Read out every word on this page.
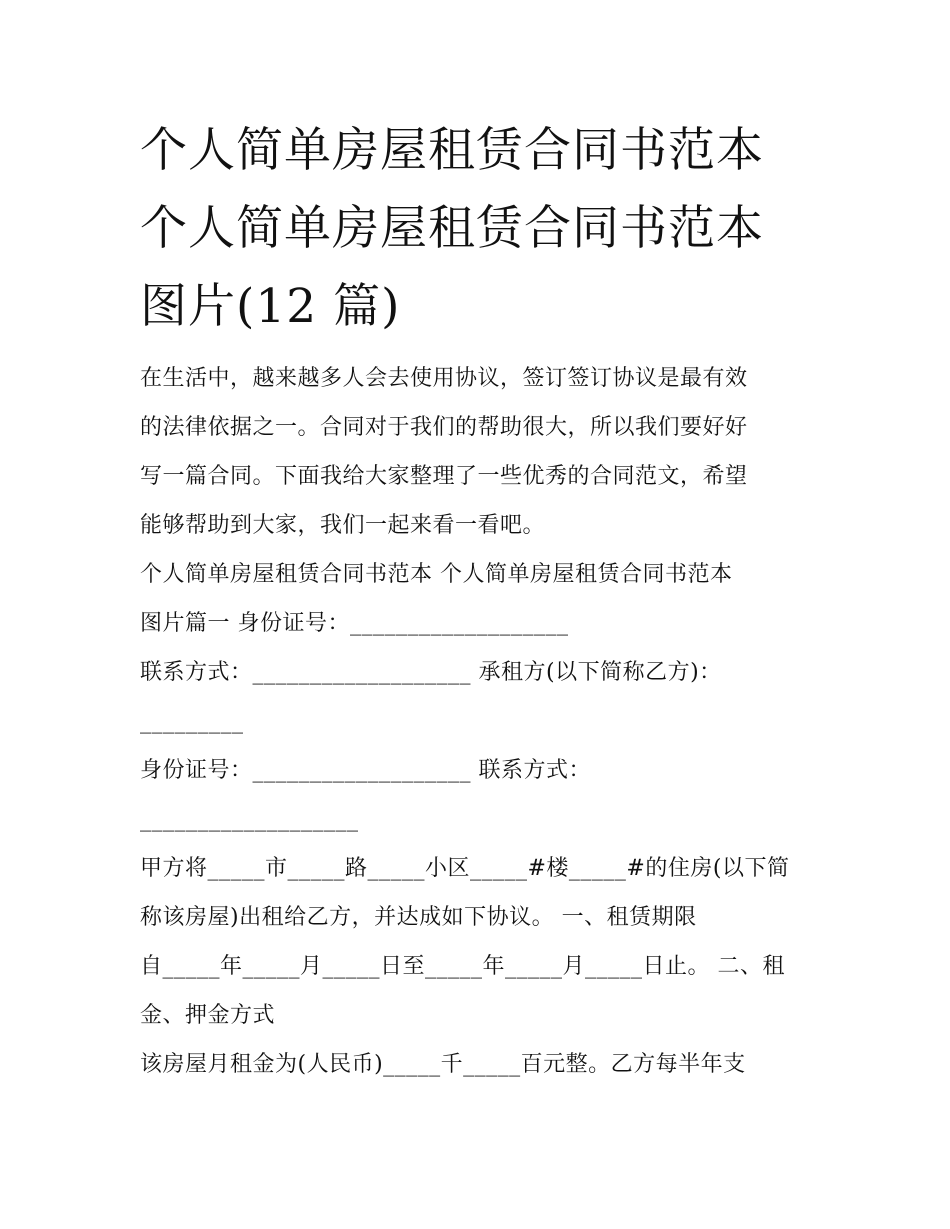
个人简单房屋租赁合同书范本
个人简单房屋租赁合同书范本
图片(12 篇)
在生活中，越来越多人会去使用协议，签订签订协议是最有效
的法律依据之一。合同对于我们的帮助很大，所以我们要好好
写一篇合同。下面我给大家整理了一些优秀的合同范文，希望
能够帮助到大家，我们一起来看一看吧。
个人简单房屋租赁合同书范本 个人简单房屋租赁合同书范本
图片篇一 身份证号：___________________
联系方式：___________________ 承租方(以下简称乙方)：
_________
身份证号：___________________ 联系方式：
___________________
甲方将_____市_____路_____小区_____#楼_____#的住房(以下简
称该房屋)出租给乙方，并达成如下协议。 一、租赁期限
自_____年_____月_____日至_____年_____月_____日止。 二、租
金、押金方式
该房屋月租金为(人民币)_____千_____百元整。乙方每半年支
